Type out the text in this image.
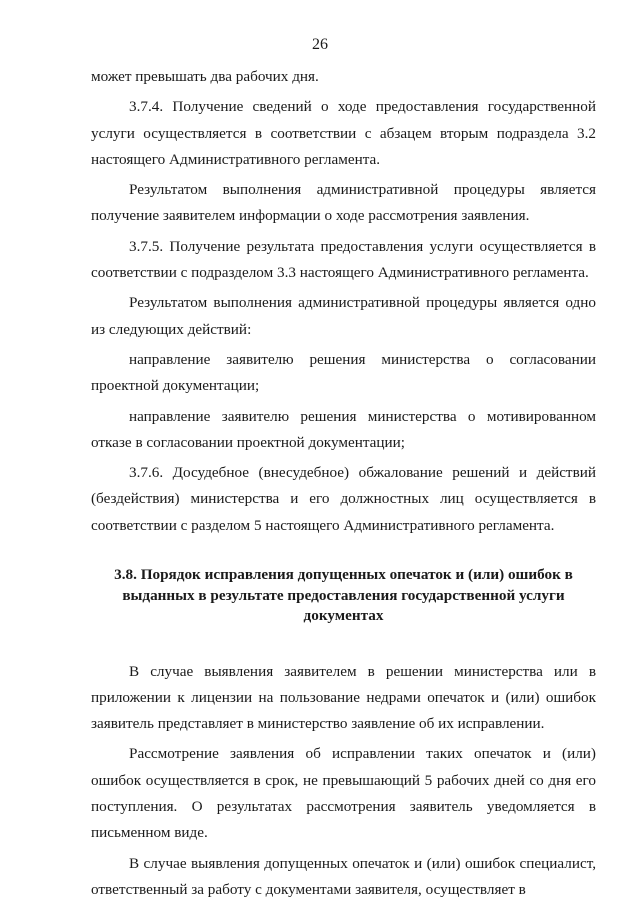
26

может превышать два рабочих дня.

3.7.4. Получение сведений о ходе предоставления государственной услуги осуществляется в соответствии с абзацем вторым подраздела 3.2 настоящего Административного регламента.

Результатом выполнения административной процедуры является получение заявителем информации о ходе рассмотрения заявления.

3.7.5. Получение результата предоставления услуги осуществляется в соответствии с подразделом 3.3 настоящего Административного регламента.

Результатом выполнения административной процедуры является одно из следующих действий:

направление заявителю решения министерства о согласовании проектной документации;

направление заявителю решения министерства о мотивированном отказе в согласовании проектной документации;

3.7.6. Досудебное (внесудебное) обжалование решений и действий (бездействия) министерства и его должностных лиц осуществляется в соответствии с разделом 5 настоящего Административного регламента.

3.8. Порядок исправления допущенных опечаток и (или) ошибок в выданных в результате предоставления государственной услуги документах

В случае выявления заявителем в решении министерства или в приложении к лицензии на пользование недрами опечаток и (или) ошибок заявитель представляет в министерство заявление об их исправлении.

Рассмотрение заявления об исправлении таких опечаток и (или) ошибок осуществляется в срок, не превышающий 5 рабочих дней со дня его поступления. О результатах рассмотрения заявитель уведомляется в письменном виде.

В случае выявления допущенных опечаток и (или) ошибок специалист, ответственный за работу с документами заявителя, осуществляет в
